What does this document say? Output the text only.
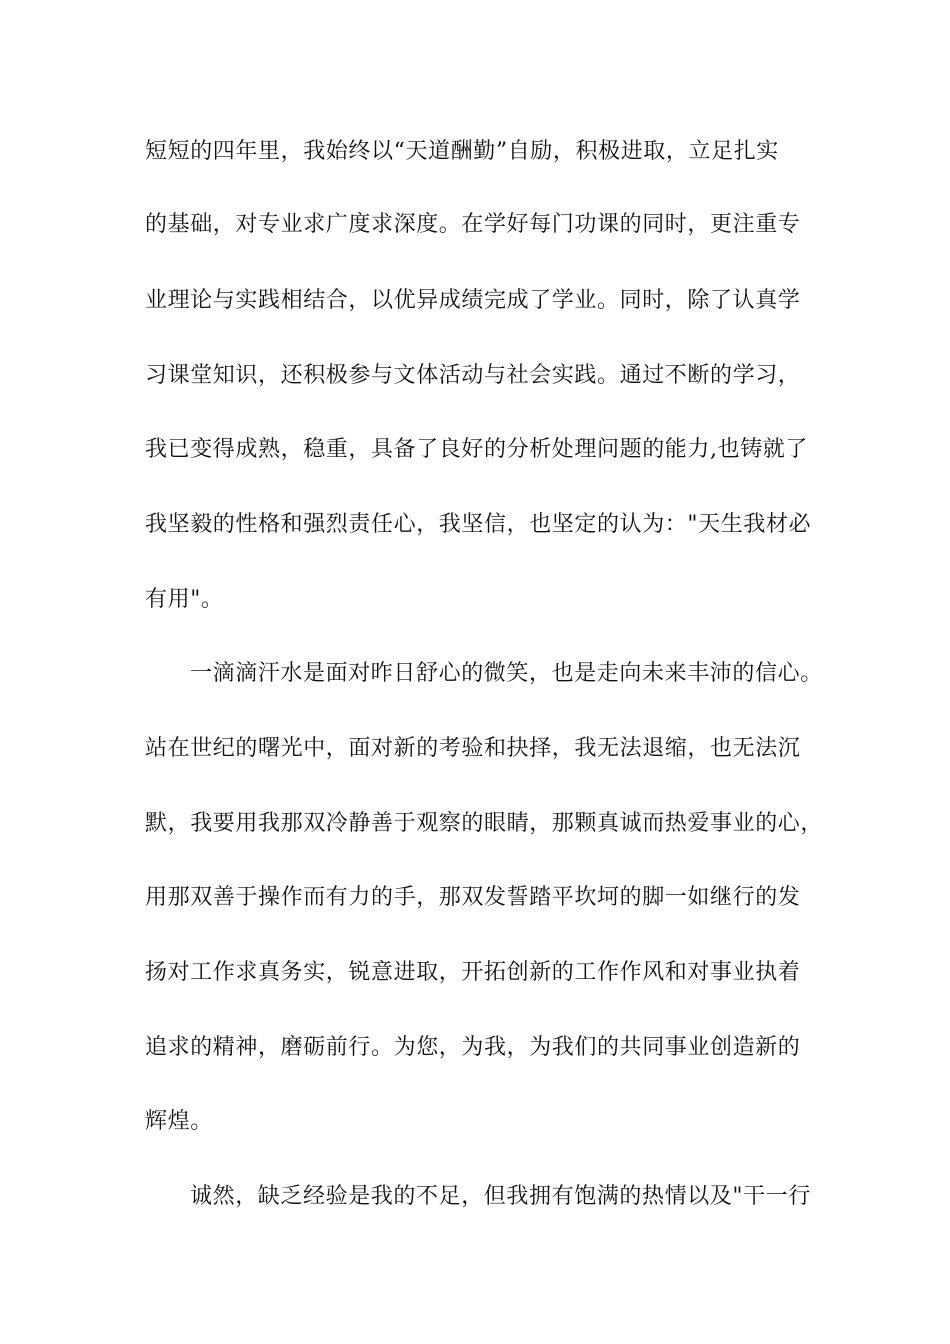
短短的四年里，我始终以“天道酬勤”自励，积极进取，立足扎实
的基础，对专业求广度求深度。在学好每门功课的同时，更注重专
业理论与实践相结合，以优异成绩完成了学业。同时，除了认真学
习课堂知识，还积极参与文体活动与社会实践。通过不断的学习，
我已变得成熟，稳重，具备了良好的分析处理问题的能力,也铸就了
我坚毅的性格和强烈责任心，我坚信，也坚定的认为："天生我材必
有用"。
一滴滴汗水是面对昨日舒心的微笑，也是走向未来丰沛的信心。
站在世纪的曙光中，面对新的考验和抉择，我无法退缩，也无法沉
默，我要用我那双冷静善于观察的眼睛，那颗真诚而热爱事业的心，
用那双善于操作而有力的手，那双发誓踏平坎坷的脚一如继行的发
扬对工作求真务实，锐意进取，开拓创新的工作作风和对事业执着
追求的精神，磨砺前行。为您，为我，为我们的共同事业创造新的
辉煌。
诚然，缺乏经验是我的不足，但我拥有饱满的热情以及"干一行
